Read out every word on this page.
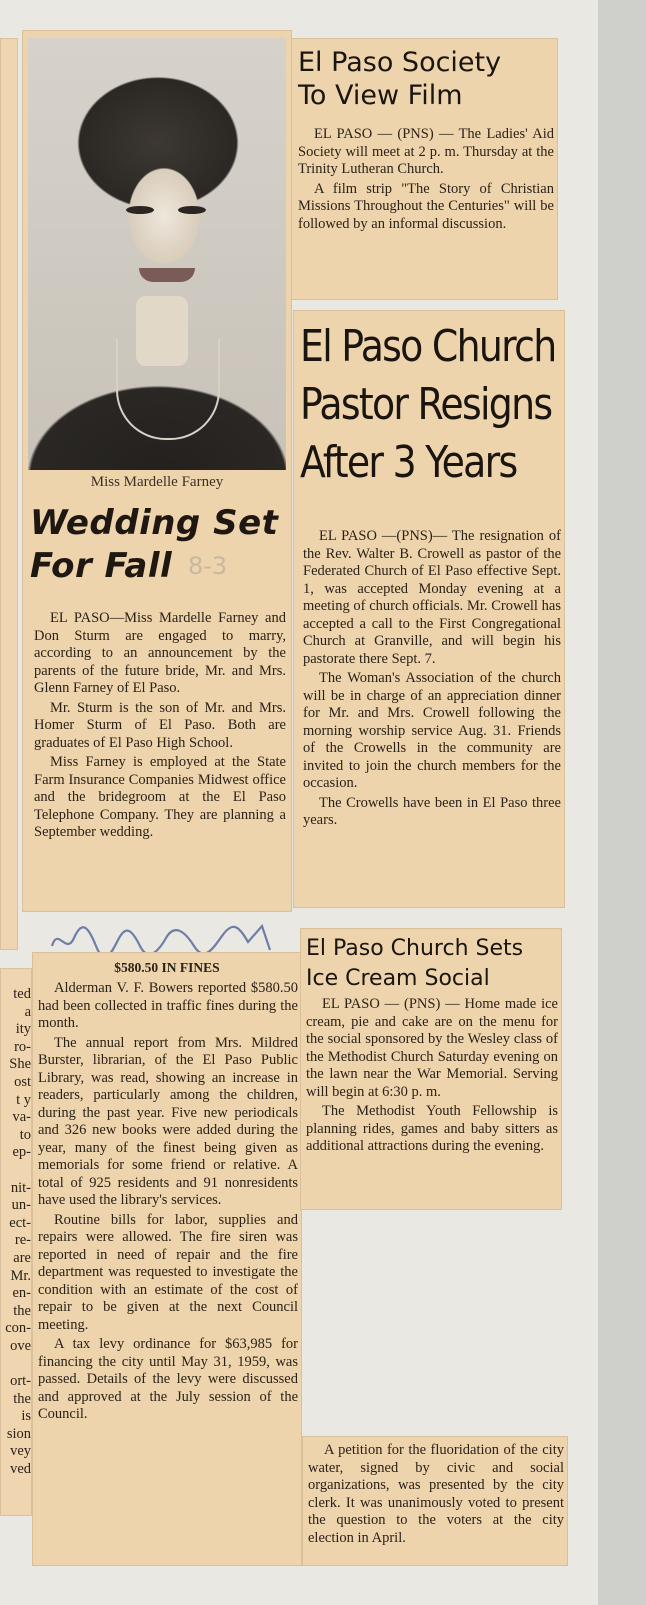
ted
a
ity
ro-
She
ost
t y
va-
to
ep-

nit-
un-
ect-
re-
are
Mr.
en-
the
con-
ove

ort-
the
is
sion
vey
ved
Miss Mardelle Farney
Wedding Set
For Fall 8-3

EL PASO—Miss Mardelle Farney and Don Sturm are engaged to marry, according to an announcement by the parents of the future bride, Mr. and Mrs. Glenn Farney of El Paso.

Mr. Sturm is the son of Mr. and Mrs. Homer Sturm of El Paso. Both are graduates of El Paso High School.

Miss Farney is employed at the State Farm Insurance Companies Midwest office and the bridegroom at the El Paso Telephone Company. They are planning a September wedding.

El Paso Society
To View Film

EL PASO — (PNS) — The Ladies' Aid Society will meet at 2 p. m. Thursday at the Trinity Lutheran Church.

A film strip "The Story of Christian Missions Throughout the Centuries" will be followed by an informal discussion.

El Paso Church
Pastor Resigns
After 3 Years

EL PASO —(PNS)— The resignation of the Rev. Walter B. Crowell as pastor of the Federated Church of El Paso effective Sept. 1, was accepted Monday evening at a meeting of church officials. Mr. Crowell has accepted a call to the First Congregational Church at Granville, and will begin his pastorate there Sept. 7.

The Woman's Association of the church will be in charge of an appreciation dinner for Mr. and Mrs. Crowell following the morning worship service Aug. 31. Friends of the Crowells in the community are invited to join the church members for the occasion.

The Crowells have been in El Paso three years.

$580.50 IN FINES

Alderman V. F. Bowers reported $580.50 had been collected in traffic fines during the month.

The annual report from Mrs. Mildred Burster, librarian, of the El Paso Public Library, was read, showing an increase in readers, particularly among the children, during the past year. Five new periodicals and 326 new books were added during the year, many of the finest being given as memorials for some friend or relative. A total of 925 residents and 91 nonresidents have used the library's services.

Routine bills for labor, supplies and repairs were allowed. The fire siren was reported in need of repair and the fire department was requested to investigate the condition with an estimate of the cost of repair to be given at the next Council meeting.

A tax levy ordinance for $63,985 for financing the city until May 31, 1959, was passed. Details of the levy were discussed and approved at the July session of the Council.

El Paso Church Sets
Ice Cream Social

EL PASO — (PNS) — Home made ice cream, pie and cake are on the menu for the social sponsored by the Wesley class of the Methodist Church Saturday evening on the lawn near the War Memorial. Serving will begin at 6:30 p. m.

The Methodist Youth Fellowship is planning rides, games and baby sitters as additional attractions during the evening.

A petition for the fluoridation of the city water, signed by civic and social organizations, was presented by the city clerk. It was unanimously voted to present the question to the voters at the city election in April.
